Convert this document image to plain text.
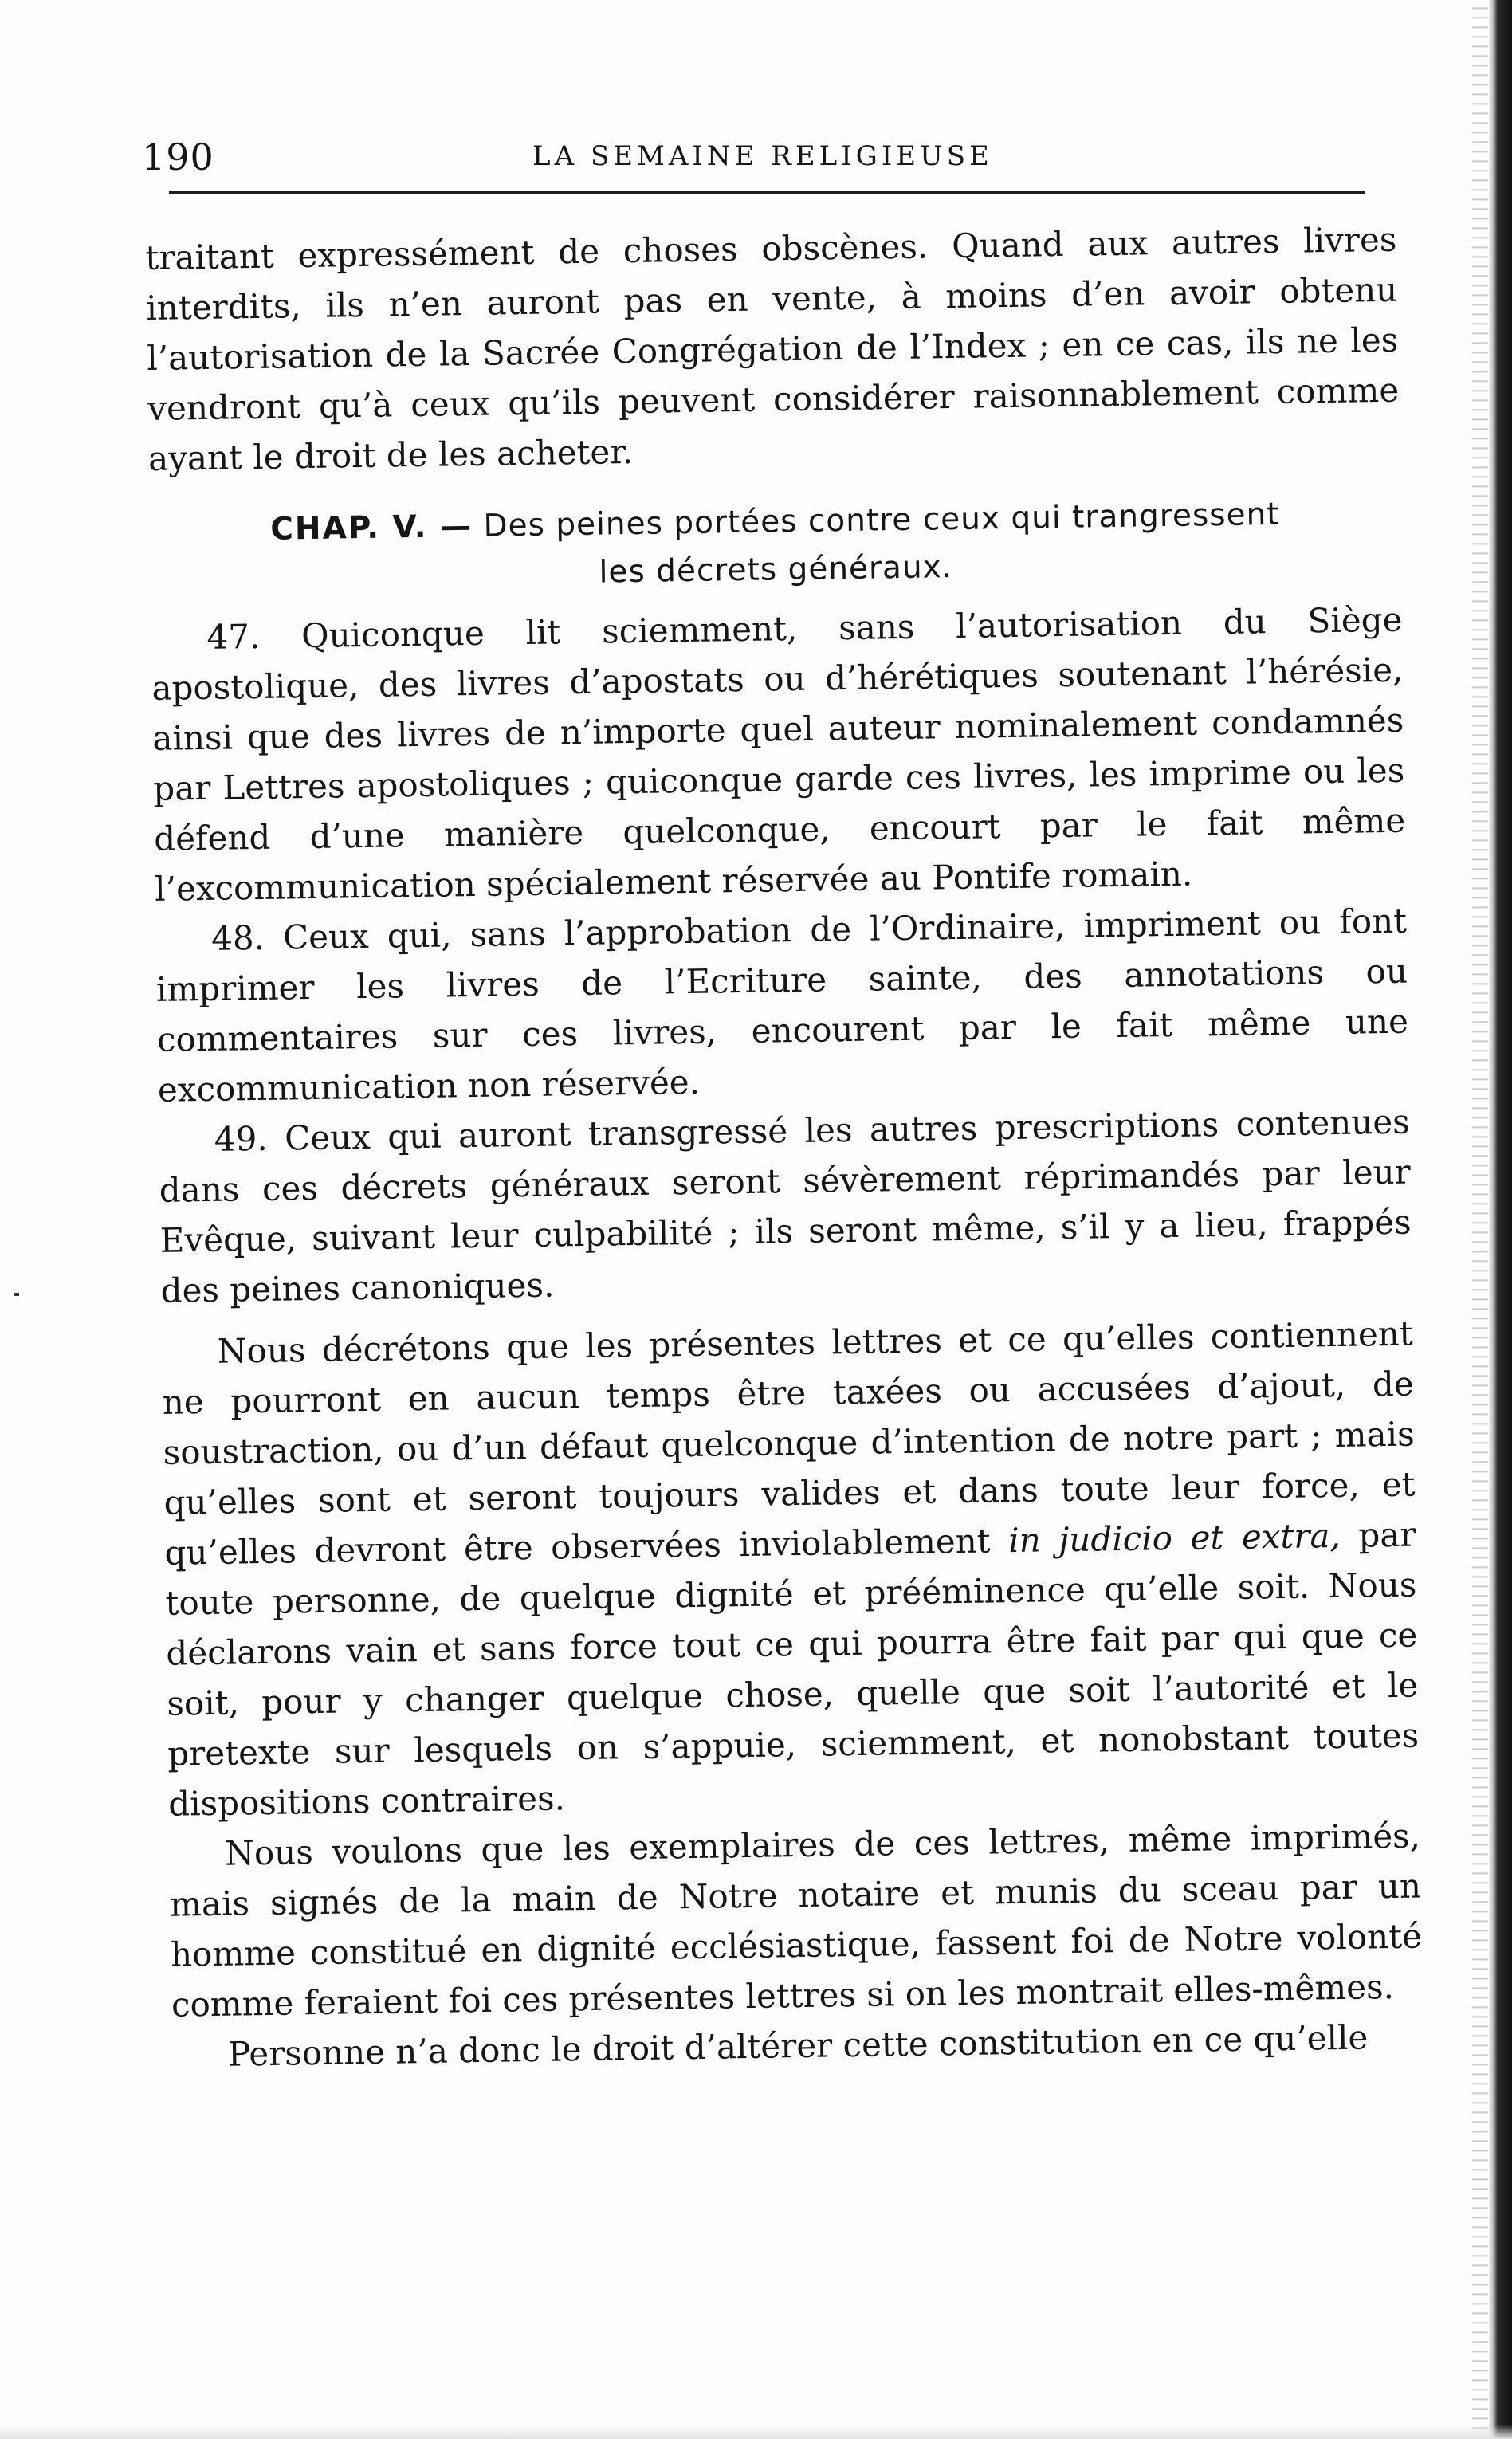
190	LA SEMAINE RELIGIEUSE

traitant expressément de choses obscènes. Quand aux autres livres interdits, ils n’en auront pas en vente, à moins d’en avoir obtenu l’autorisation de la Sacrée Congrégation de l’Index ; en ce cas, ils ne les vendront qu’à ceux qu’ils peuvent considérer raisonnablement comme ayant le droit de les acheter.

CHAP. V. — Des peines portées contre ceux qui trangressent
les décrets généraux.

47. Quiconque lit sciemment, sans l’autorisation du Siège apostolique, des livres d’apostats ou d’hérétiques soutenant l’hérésie, ainsi que des livres de n’importe quel auteur nominalement condamnés par Lettres apostoliques ; quiconque garde ces livres, les imprime ou les défend d’une manière quelconque, encourt par le fait même l’excommunication spécialement réservée au Pontife romain.

48. Ceux qui, sans l’approbation de l’Ordinaire, impriment ou font imprimer les livres de l’Ecriture sainte, des annotations ou commentaires sur ces livres, encourent par le fait même une excommunication non réservée.

49. Ceux qui auront transgressé les autres prescriptions contenues dans ces décrets généraux seront sévèrement réprimandés par leur Evêque, suivant leur culpabilité ; ils seront même, s’il y a lieu, frappés des peines canoniques.

Nous décrétons que les présentes lettres et ce qu’elles contiennent ne pourront en aucun temps être taxées ou accusées d’ajout, de soustraction, ou d’un défaut quelconque d’intention de notre part ; mais qu’elles sont et seront toujours valides et dans toute leur force, et qu’elles devront être observées inviolablement in judicio et extra, par toute personne, de quelque dignité et prééminence qu’elle soit. Nous déclarons vain et sans force tout ce qui pourra être fait par qui que ce soit, pour y changer quelque chose, quelle que soit l’autorité et le pretexte sur lesquels on s’appuie, sciemment, et nonobstant toutes dispositions contraires.

Nous voulons que les exemplaires de ces lettres, même imprimés, mais signés de la main de Notre notaire et munis du sceau par un homme constitué en dignité ecclésiastique, fassent foi de Notre volonté comme feraient foi ces présentes lettres si on les montrait elles-mêmes.

Personne n’a donc le droit d’altérer cette constitution en ce qu’elle
